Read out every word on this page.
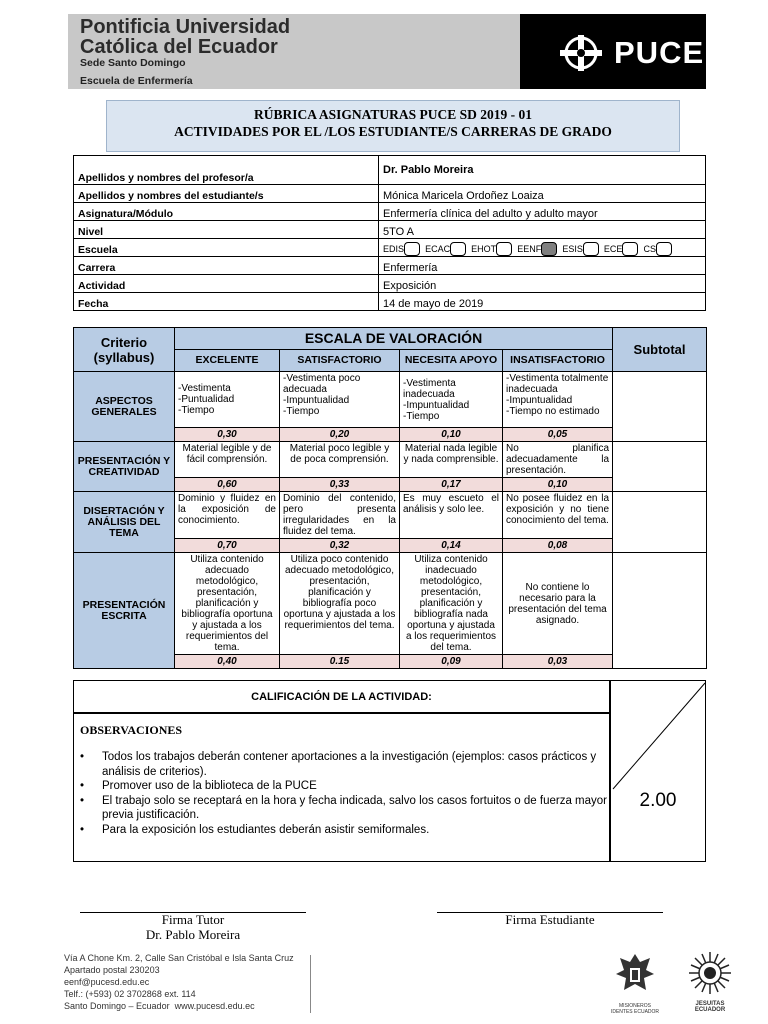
Pontificia Universidad
Católica del Ecuador
Sede Santo Domingo
Escuela de Enfermería
PUCE
RÚBRICA ASIGNATURAS PUCE SD 2019 - 01
ACTIVIDADES POR EL /LOS ESTUDIANTE/S CARRERAS DE GRADO
Apellidos y nombres del profesor/a	Dr. Pablo Moreira
Apellidos y nombres del estudiante/s	Mónica Maricela Ordoñez Loaiza
Asignatura/Módulo	Enfermería clínica del adulto y adulto mayor
Nivel	5TO A
Escuela	EDIS ECAC EHOT EENF ESIS ECE CS
Carrera	Enfermería
Actividad	Exposición
Fecha	14 de mayo de 2019
Criterio (syllabus)	ESCALA DE VALORACIÓN				Subtotal
	EXCELENTE	SATISFACTORIO	NECESITA APOYO	INSATISFACTORIO	
ASPECTOS GENERALES	-Vestimenta
-Puntualidad
-Tiempo	-Vestimenta poco adecuada
-Impuntualidad
-Tiempo	-Vestimenta inadecuada
-Impuntualidad
-Tiempo	-Vestimenta totalmente inadecuada
-Impuntualidad
-Tiempo no estimado	
	0,30	0,20	0,10	0,05	
PRESENTACIÓN Y CREATIVIDAD	Material legible y de fácil comprensión.	Material poco legible y de poca comprensión.	Material nada legible y nada comprensible.	No planifica adecuadamente la presentación.	
	0,60	0,33	0,17	0,10	
DISERTACIÓN Y ANÁLISIS DEL TEMA	Dominio y fluidez en la exposición de conocimiento.	Dominio del contenido, pero presenta irregularidades en la fluidez del tema.	Es muy escueto el análisis y solo lee.	No posee fluidez en la exposición y no tiene conocimiento del tema.	
	0,70	0,32	0,14	0,08	
PRESENTACIÓN ESCRITA	Utiliza contenido adecuado metodológico, presentación, planificación y bibliografía oportuna y ajustada a los requerimientos del tema.	Utiliza poco contenido adecuado metodológico, presentación, planificación y bibliografía poco oportuna y ajustada a los requerimientos del tema.	Utiliza contenido inadecuado metodológico, presentación, planificación y bibliografía nada oportuna y ajustada a los requerimientos del tema.	No contiene lo necesario para la presentación del tema asignado.	
	0,40	0.15	0,09	0,03	
CALIFICACIÓN DE LA ACTIVIDAD:
OBSERVACIONES
• Todos los trabajos deberán contener aportaciones a la investigación (ejemplos: casos prácticos y análisis de criterios).
• Promover uso de la biblioteca de la PUCE
• El trabajo solo se receptará en la hora y fecha indicada, salvo los casos fortuitos o de fuerza mayor previa justificación.
• Para la exposición los estudiantes deberán asistir semiformales.
2.00
Firma Tutor
Dr. Pablo Moreira
Firma Estudiante
Vía A Chone Km. 2, Calle San Cristóbal e Isla Santa Cruz
Apartado postal 230203
eenf@pucesd.edu.ec
Telf.: (+593) 02 3702868 ext. 114
Santo Domingo – Ecuador www.pucesd.edu.ec	MISIONEROS IDENTES ECUADOR
JESUITAS ECUADOR
